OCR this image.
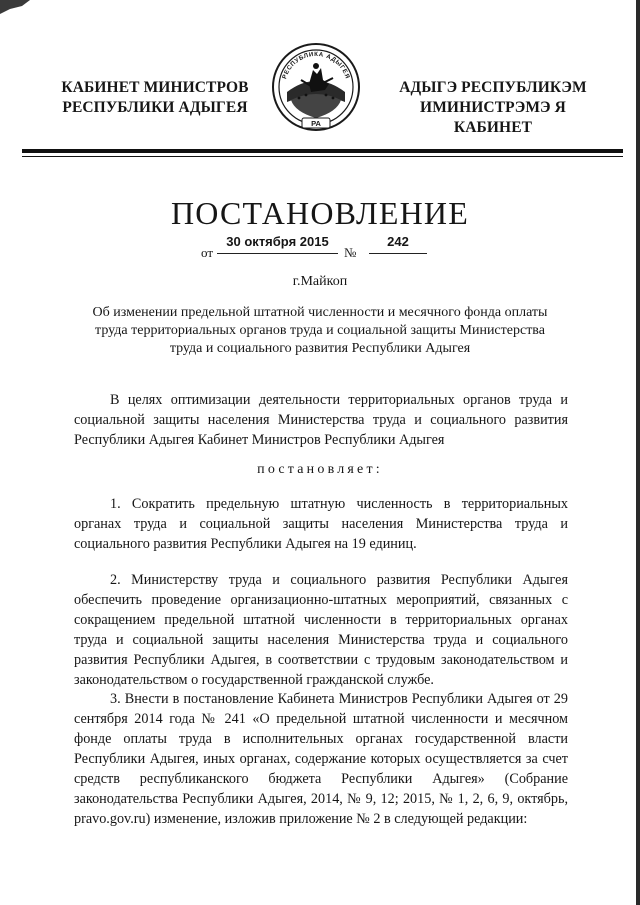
КАБИНЕТ МИНИСТРОВ
РЕСПУБЛИКИ АДЫГЕЯ
РЕСПУБЛИКА АДЫГЕЯ
РА
АДЫГЭ РЕСПУБЛИКЭМ
ИМИНИСТРЭМЭ Я КАБИНЕТ
ПОСТАНОВЛЕНИЕ
от
30 октября 2015
№
242
г.Майкоп
Об изменении предельной штатной численности и месячного фонда оплаты труда территориальных органов труда и социальной защиты Министерства труда и социального развития Республики Адыгея
В целях оптимизации деятельности территориальных органов труда и социальной защиты населения Министерства труда и социального развития Республики Адыгея Кабинет Министров Республики Адыгея
постановляет:
1. Сократить предельную штатную численность в территориальных органах труда и социальной защиты населения Министерства труда и социального развития Республики Адыгея на 19 единиц.
2. Министерству труда и социального развития Республики Адыгея обеспечить проведение организационно-штатных мероприятий, связанных с сокращением предельной штатной численности в территориальных органах труда и социальной защиты населения Министерства труда и социального развития Республики Адыгея, в соответствии с трудовым законодательством и законодательством о государственной гражданской службе.
3. Внести в постановление Кабинета Министров Республики Адыгея от 29 сентября 2014 года № 241 «О предельной штатной численности и месячном фонде оплаты труда в исполнительных органах государственной власти Республики Адыгея, иных органах, содержание которых осуществляется за счет средств республиканского бюджета Республики Адыгея» (Собрание законодательства Республики Адыгея, 2014, № 9, 12; 2015, № 1, 2, 6, 9, октябрь, pravo.gov.ru) изменение, изложив приложение № 2 в следующей редакции:
